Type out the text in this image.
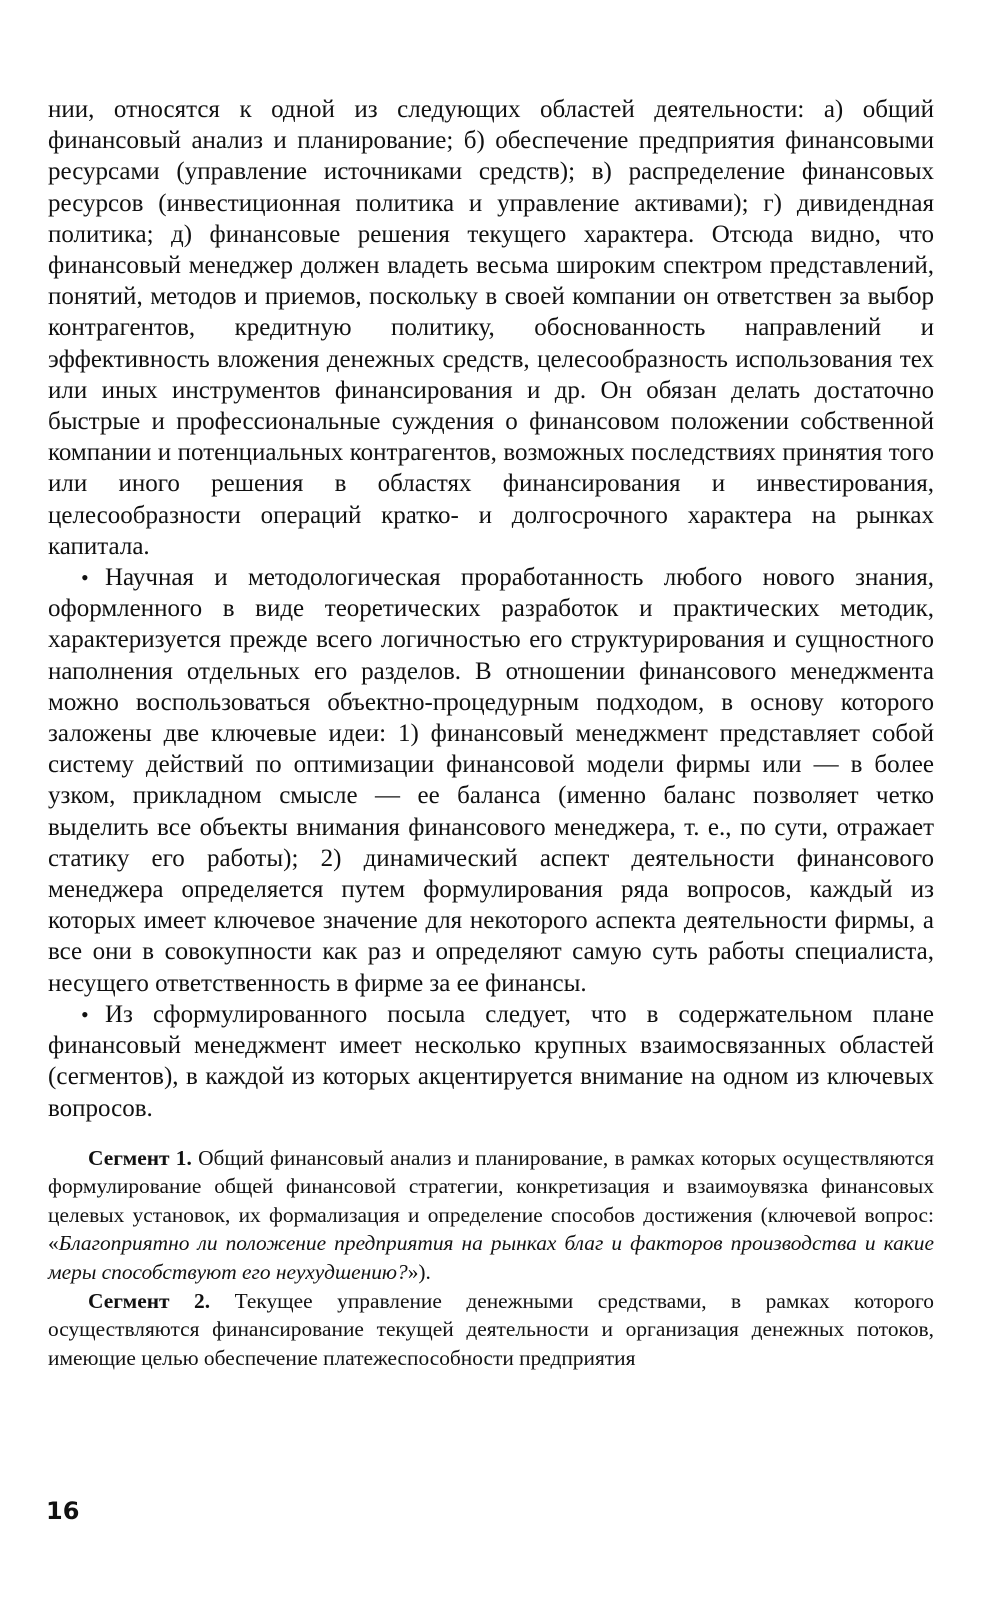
нии, относятся к одной из следующих областей деятельности: а) общий финансовый анализ и планирование; б) обеспечение предприятия финансовыми ресурсами (управление источниками средств); в) распределение финансовых ресурсов (инвестиционная политика и управление активами); г) дивидендная политика; д) финансовые решения текущего характера. Отсюда видно, что финансовый менеджер должен владеть весьма широким спектром представлений, понятий, методов и приемов, поскольку в своей компании он ответствен за выбор контрагентов, кредитную политику, обоснованность направлений и эффективность вложения денежных средств, целесообразность использования тех или иных инструментов финансирования и др. Он обязан делать достаточно быстрые и профессиональные суждения о финансовом положении собственной компании и потенциальных контрагентов, возможных последствиях принятия того или иного решения в областях финансирования и инвестирования, целесообразности операций кратко- и долгосрочного характера на рынках капитала.

• Научная и методологическая проработанность любого нового знания, оформленного в виде теоретических разработок и практических методик, характеризуется прежде всего логичностью его структурирования и сущностного наполнения отдельных его разделов. В отношении финансового менеджмента можно воспользоваться объектно-процедурным подходом, в основу которого заложены две ключевые идеи: 1) финансовый менеджмент представляет собой систему действий по оптимизации финансовой модели фирмы или — в более узком, прикладном смысле — ее баланса (именно баланс позволяет четко выделить все объекты внимания финансового менеджера, т. е., по сути, отражает статику его работы); 2) динамический аспект деятельности финансового менеджера определяется путем формулирования ряда вопросов, каждый из которых имеет ключевое значение для некоторого аспекта деятельности фирмы, а все они в совокупности как раз и определяют самую суть работы специалиста, несущего ответственность в фирме за ее финансы.

• Из сформулированного посыла следует, что в содержательном плане финансовый менеджмент имеет несколько крупных взаимосвязанных областей (сегментов), в каждой из которых акцентируется внимание на одном из ключевых вопросов.

Сегмент 1. Общий финансовый анализ и планирование, в рамках которых осуществляются формулирование общей финансовой стратегии, конкретизация и взаимоувязка финансовых целевых установок, их формализация и определение способов достижения (ключевой вопрос: «Благоприятно ли положение предприятия на рынках благ и факторов производства и какие меры способствуют его неухудшению?»).

Сегмент 2. Текущее управление денежными средствами, в рамках которого осуществляются финансирование текущей деятельности и организация денежных потоков, имеющие целью обеспечение платежеспособности предприятия

16
